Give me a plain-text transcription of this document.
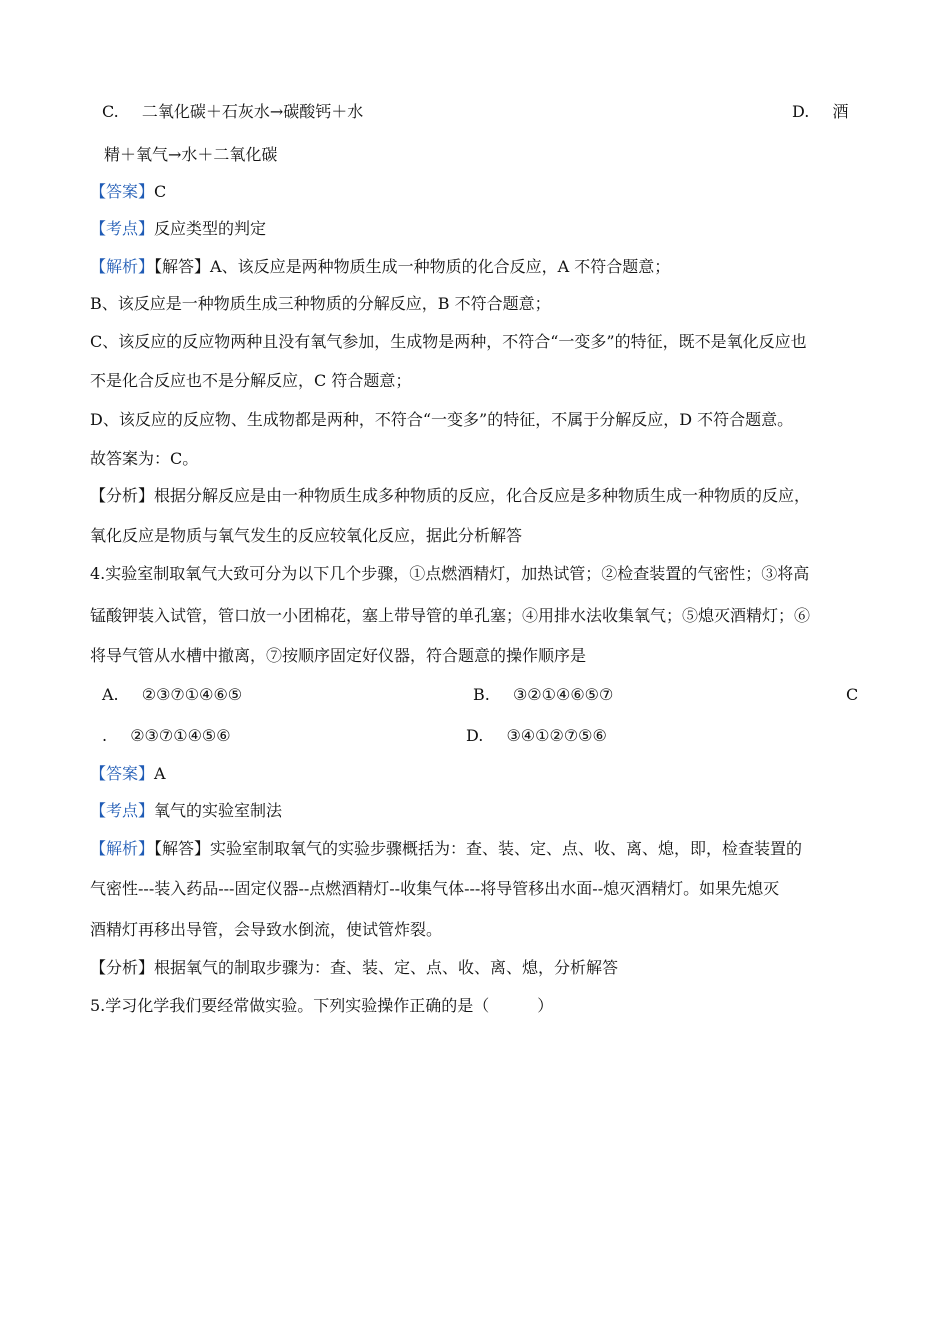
C. 二氧化碳＋石灰水→碳酸钙＋水	D. 酒
精＋氧气→水＋二氧化碳
【答案】C
【考点】反应类型的判定
【解析】【解答】A、该反应是两种物质生成一种物质的化合反应，A 不符合题意；
B、该反应是一种物质生成三种物质的分解反应，B 不符合题意；
C、该反应的反应物两种且没有氧气参加，生成物是两种，不符合“一变多”的特征，既不是氧化反应也
不是化合反应也不是分解反应，C 符合题意；
D、该反应的反应物、生成物都是两种，不符合“一变多”的特征，不属于分解反应，D 不符合题意。
故答案为：C。
【分析】根据分解反应是由一种物质生成多种物质的反应，化合反应是多种物质生成一种物质的反应，
氧化反应是物质与氧气发生的反应较氧化反应，据此分析解答
4.实验室制取氧气大致可分为以下几个步骤，①点燃酒精灯，加热试管；②检查装置的气密性；③将高
锰酸钾装入试管，管口放一小团棉花，塞上带导管的单孔塞；④用排水法收集氧气；⑤熄灭酒精灯；⑥
将导气管从水槽中撤离，⑦按顺序固定好仪器，符合题意的操作顺序是
A. ②③⑦①④⑥⑤	B. ③②①④⑥⑤⑦	C
. ②③⑦①④⑤⑥	D. ③④①②⑦⑤⑥
【答案】A
【考点】氧气的实验室制法
【解析】【解答】实验室制取氧气的实验步骤概括为：查、装、定、点、收、离、熄，即，检查装置的
气密性---装入药品---固定仪器--点燃酒精灯--收集气体---将导管移出水面--熄灭酒精灯。如果先熄灭
酒精灯再移出导管，会导致水倒流，使试管炸裂。
【分析】根据氧气的制取步骤为：查、装、定、点、收、离、熄，分析解答
5.学习化学我们要经常做实验。下列实验操作正确的是（　　　）
